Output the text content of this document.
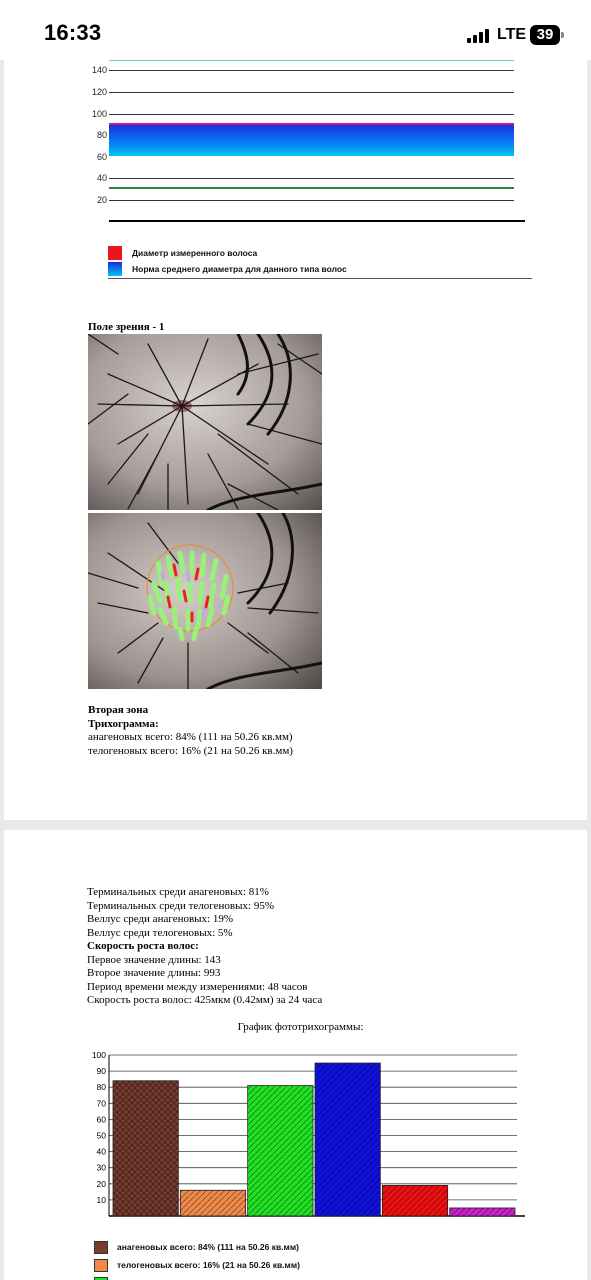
16:33	LTE 39
140
120
100
80
60
40
20
Диаметр измеренного волоса
Норма среднего диаметра для данного типа волос
Поле зрения - 1
Вторая зона
Трихограмма:
анагеновых всего: 84% (111 на 50.26 кв.мм)
телогеновых всего: 16% (21 на 50.26 кв.мм)
Терминальных среди анагеновых: 81%
Терминальных среди телогеновых: 95%
Веллус среди анагеновых: 19%
Веллус среди телогеновых: 5%
Скорость роста волос:
Первое значение длины: 143
Второе значение длины: 993
Период времени между измерениями: 48 часов
Скорость роста волос: 425мкм (0.42мм) за 24 часа
График фототрихограммы:
100
90
80
70
60
50
40
30
20
10
анагеновых всего: 84% (111 на 50.26 кв.мм)
телогеновых всего: 16% (21 на 50.26 кв.мм)
